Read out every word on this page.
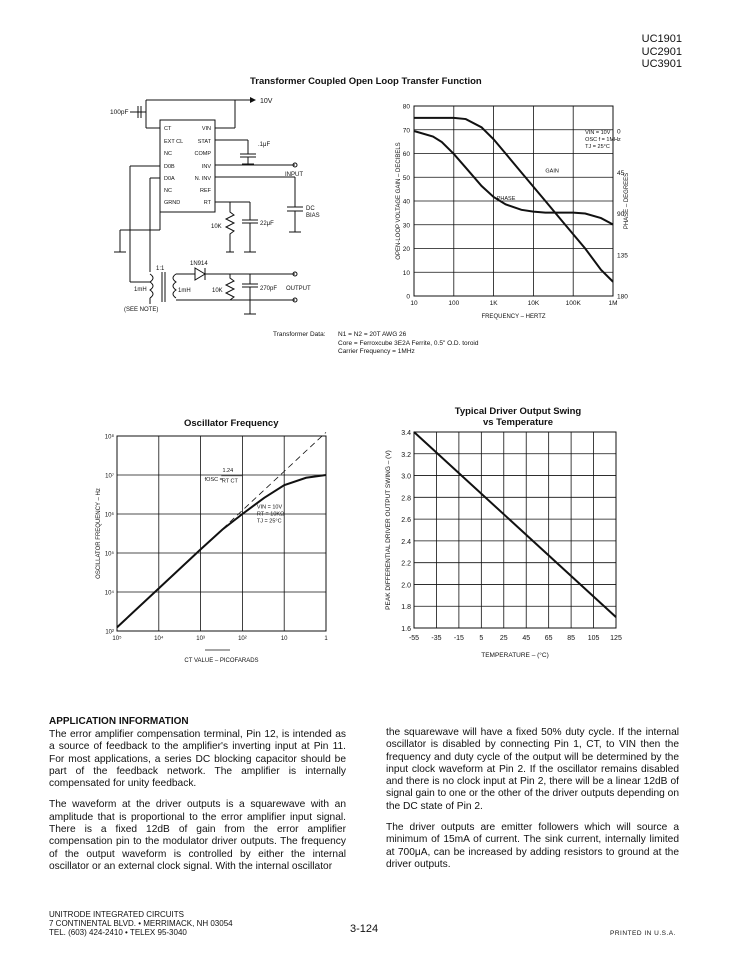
UC1901
UC2901
UC3901
Transformer Coupled Open Loop Transfer Function
10V
100pF
CT
EXT CL
NC
D0B
D0A
NC
GRND
VIN
STAT
COMP
INV
N. INV
REF
RT
.1μF
INPUT
DC
BIAS
10K	22μF
1N914
1:1
1mH	1mH	10K	270pF OUTPUT
(SEE NOTE)
10	100	1K	10K	100K	1M
0
10
20
30
40
50
60
70
80
0
45
90
135
180
GAIN
PHASE
VIN = 10V
OSC f = 1MHz
TJ = 25°C
FREQUENCY – HERTZ
OPEN-LOOP VOLTAGE GAIN – DECIBELS	PHASE – DEGREES
Transformer Data: N1 = N2 = 20T AWG 26
Core = Ferroxcube 3E2A Ferrite, 0.5" O.D. toroid
Carrier Frequency = 1MHz
Oscillator Frequency
10⁵	10⁴	10³	10²	10	1
10²
10⁴
10⁵
10⁶
10⁷
10⁸
fOSC =
1.24
RT CT
VIN = 10V
RT = 10KΩ
TJ = 25°C
CT VALUE – PICOFARADS
OSCILLATOR FREQUENCY – Hz
Typical Driver Output Swing
vs Temperature
-55 -35 -15 5 25 45 65 85 105 125
1.6
1.8
2.0
2.2
2.4
2.6
2.8
3.0
3.2
3.4
TEMPERATURE – (°C)
PEAK DIFFERENTIAL DRIVER OUTPUT SWING – (V)
APPLICATION INFORMATION

The error amplifier compensation terminal, Pin 12, is intended as a source of feedback to the amplifier's inverting input at Pin 11. For most applications, a series DC blocking capacitor should be part of the feedback network. The amplifier is internally compensated for unity feedback.

The waveform at the driver outputs is a squarewave with an amplitude that is proportional to the error amplifier input signal. There is a fixed 12dB of gain from the error amplifier compensation pin to the modulator driver outputs. The frequency of the output waveform is controlled by either the internal oscillator or an external clock signal. With the internal oscillator

the squarewave will have a fixed 50% duty cycle. If the internal oscillator is disabled by connecting Pin 1, CT, to VIN then the frequency and duty cycle of the output will be determined by the input clock waveform at Pin 2. If the oscillator remains disabled and there is no clock input at Pin 2, there will be a linear 12dB of signal gain to one or the other of the driver outputs depending on the DC state of Pin 2.

The driver outputs are emitter followers which will source a minimum of 15mA of current. The sink current, internally limited at 700μA, can be increased by adding resistors to ground at the driver outputs.

UNITRODE INTEGRATED CIRCUITS
7 CONTINENTAL BLVD. • MERRIMACK, NH 03054
TEL. (603) 424-2410 • TELEX 95-3040	3-124	PRINTED IN U.S.A.
